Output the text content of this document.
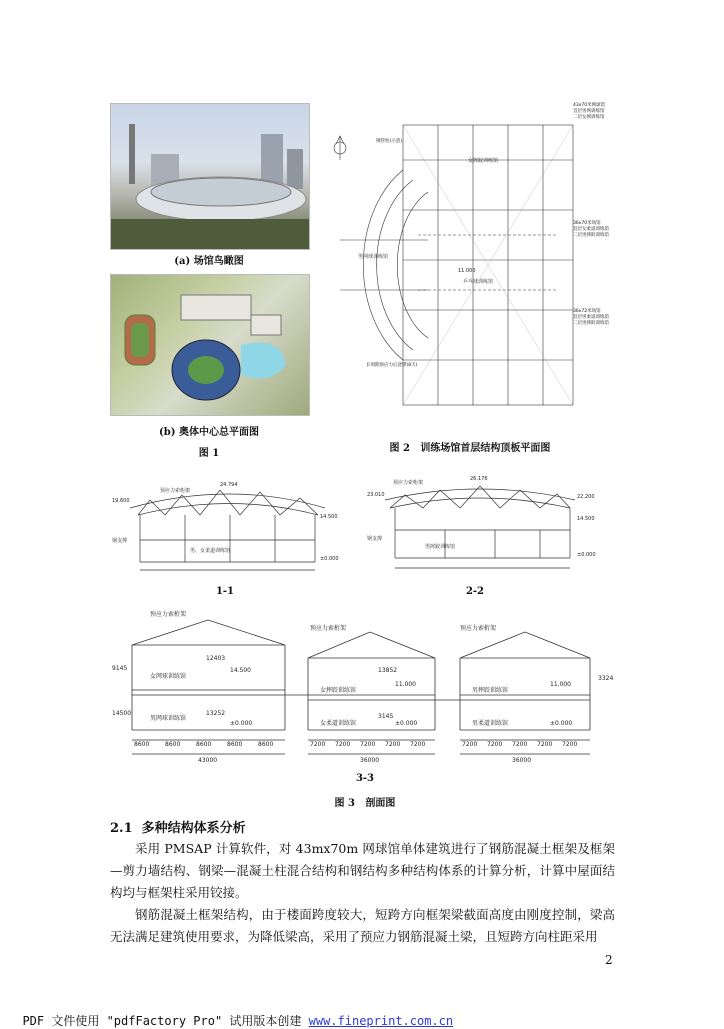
(a) 场馆鸟瞰图
(b) 奥体中心总平面图
图 1
女摔跤训练馆
乒乓球训练馆
男网球训练馆
11.000
43x70米网球馆
首层男网训练馆
二层女网训练馆
36x70米场馆
首层女柔道训练馆
二层男摔跤训练馆
36x72米场馆
首层男柔道训练馆
二层男摔跤训练馆
长周期预应力后浇带(8天)
钢管柱(示意)
图 2   训练场馆首层结构顶板平面图
19.600
24.794
14.500
±0.000
预应力索桁架
钢支撑
男、女柔道训练馆
1-1
23.010
26.176
22.200
14.500
±0.000
预应力索桁架
男摔跤训练馆
钢支撑
2-2
预应力索桁架
预应力索桁架	预应力索桁架
14.500
±0.000
11.000
±0.000
11.000
±0.000
女网球训练馆
女摔跤训练馆	男摔跤训练馆
男网球训练馆
女柔道训练馆	男柔道训练馆
9145
14500
12403
13252
13852
3145
3324
8600	8600	8600	8600	8600
43000
7200 7200 7200 7200 7200
36000
7200 7200 7200 7200 7200
36000
3-3
图 3   剖面图
2.1  多种结构体系分析
采用 PMSAP 计算软件，对 43mx70m 网球馆单体建筑进行了钢筋混凝土框架及框架—剪力墙结构、钢梁—混凝土柱混合结构和钢结构多种结构体系的计算分析，计算中屋面结构均与框架柱采用铰接。
钢筋混凝土框架结构，由于楼面跨度较大，短跨方向框架梁截面高度由刚度控制，梁高无法满足建筑使用要求，为降低梁高，采用了预应力钢筋混凝土梁，且短跨方向柱距采用
2

PDF 文件使用 "pdfFactory Pro" 试用版本创建 www.fineprint.com.cn
